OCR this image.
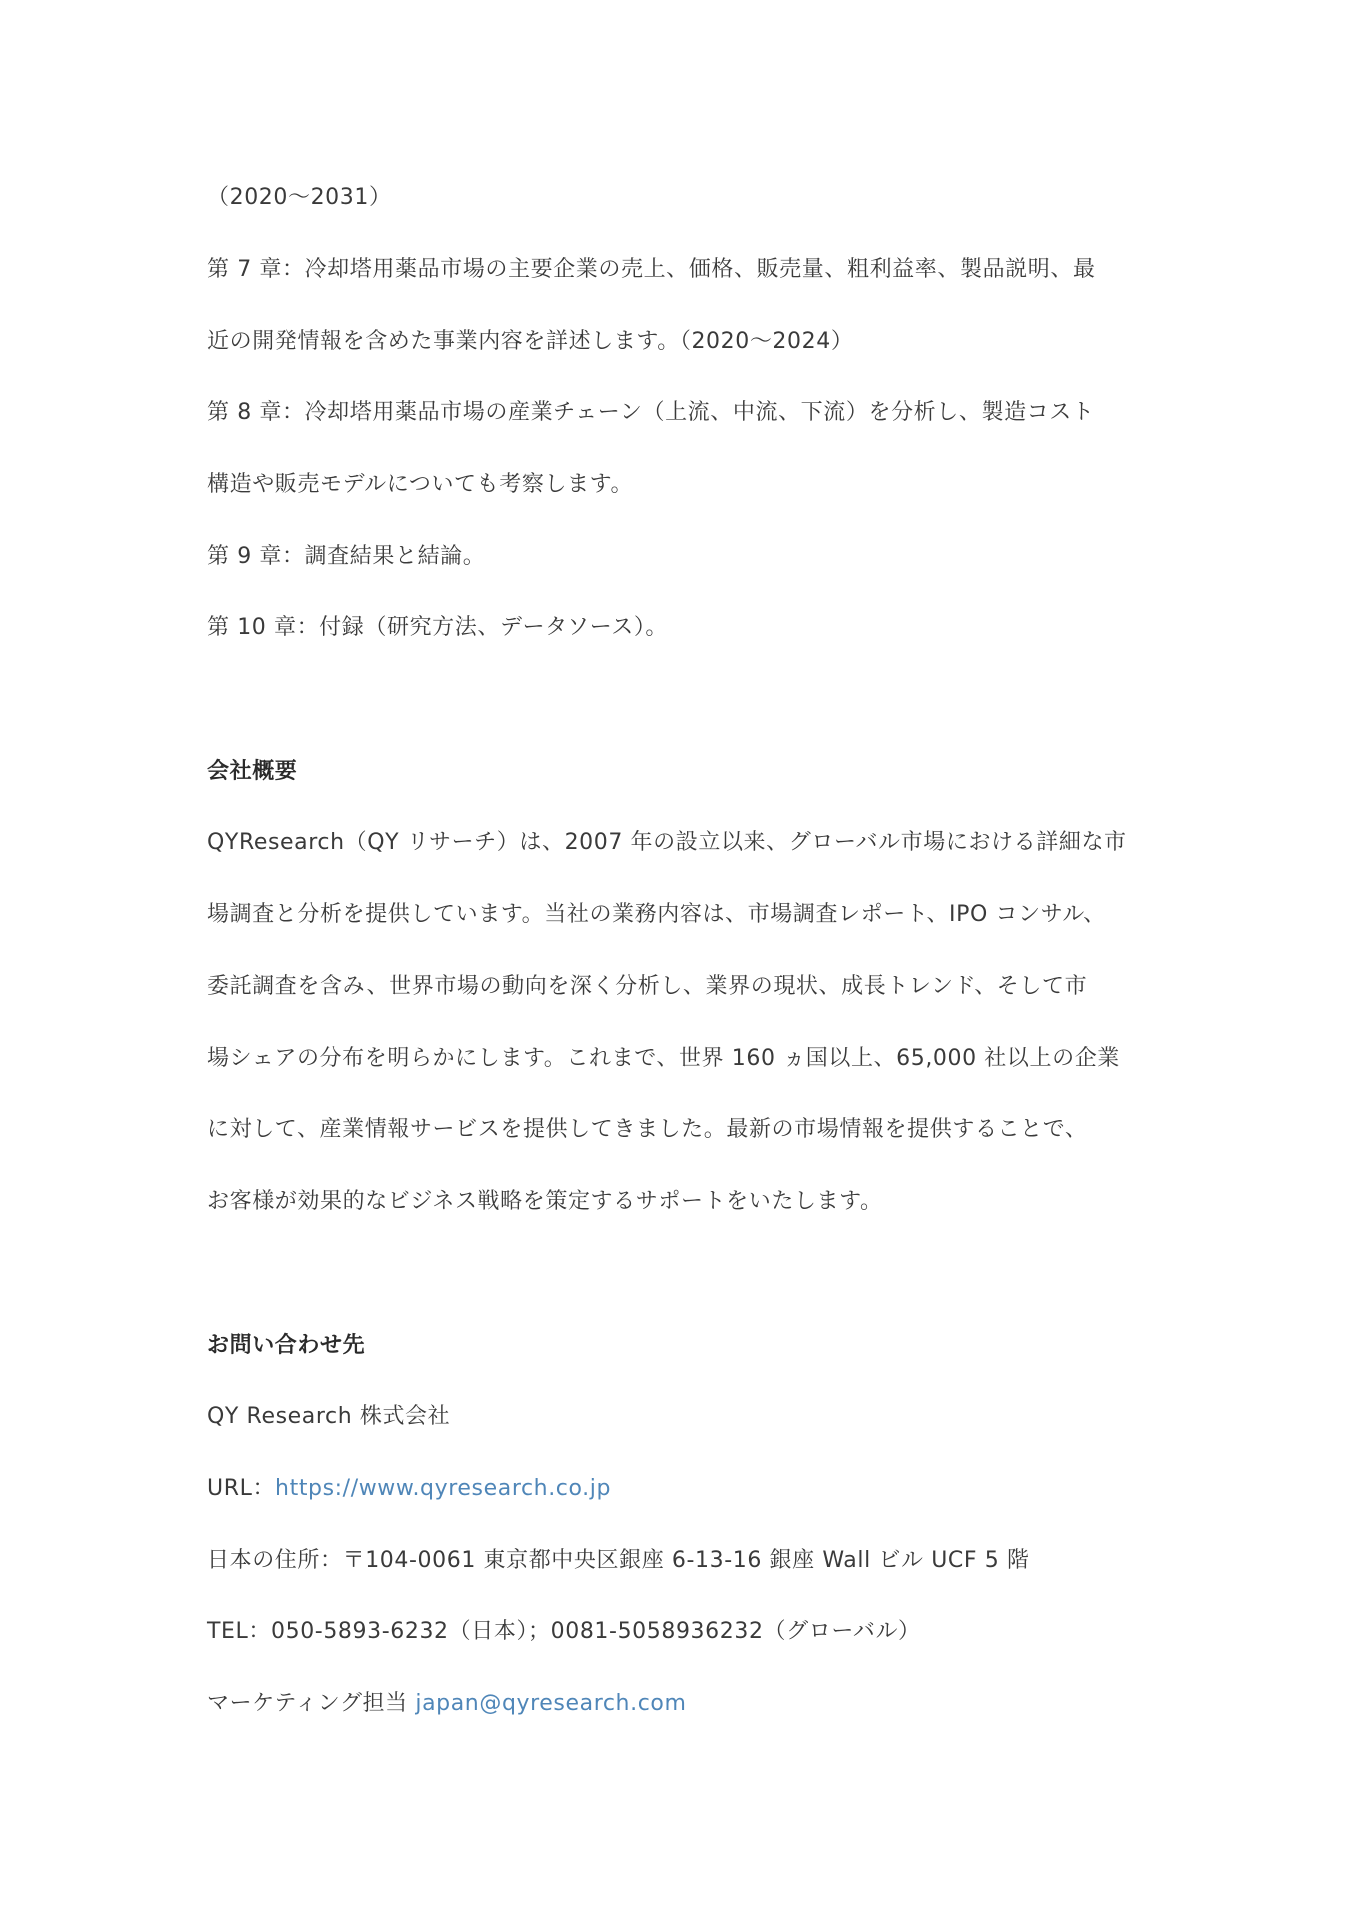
（2020～2031）
第 7 章：冷却塔用薬品市場の主要企業の売上、価格、販売量、粗利益率、製品説明、最
近の開発情報を含めた事業内容を詳述します。（2020～2024）
第 8 章：冷却塔用薬品市場の産業チェーン（上流、中流、下流）を分析し、製造コスト
構造や販売モデルについても考察します。
第 9 章：調査結果と結論。
第 10 章：付録（研究方法、データソース）。
会社概要
QYResearch（QY リサーチ）は、2007 年の設立以来、グローバル市場における詳細な市
場調査と分析を提供しています。当社の業務内容は、市場調査レポート、IPO コンサル、
委託調査を含み、世界市場の動向を深く分析し、業界の現状、成長トレンド、そして市
場シェアの分布を明らかにします。これまで、世界 160 ヵ国以上、65,000 社以上の企業
に対して、産業情報サービスを提供してきました。最新の市場情報を提供することで、
お客様が効果的なビジネス戦略を策定するサポートをいたします。
お問い合わせ先
QY Research 株式会社
URL：https://www.qyresearch.co.jp
日本の住所：〒104-0061 東京都中央区銀座 6-13-16 銀座 Wall ビル UCF 5 階
TEL：050-5893-6232（日本）；0081-5058936232（グローバル）
マーケティング担当 japan@qyresearch.com
